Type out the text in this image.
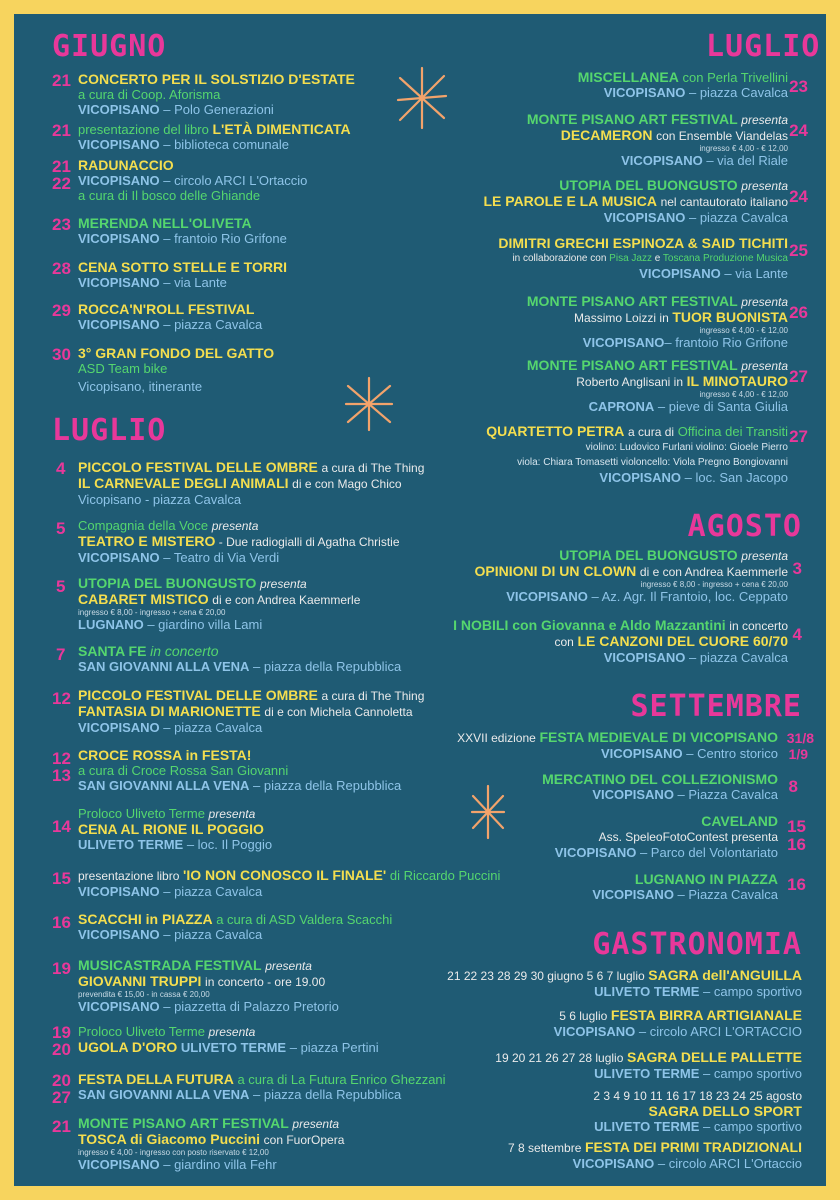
GIUGNO
21 CONCERTO PER IL SOLSTIZIO D'ESTATE
a cura di Coop. Aforisma
VICOPISANO – Polo Generazioni
21 presentazione del libro L'ETÀ DIMENTICATA
VICOPISANO – biblioteca comunale
21
22
RADUNACCIO
VICOPISANO – circolo ARCI L'Ortaccio
a cura di Il bosco delle Ghiande
23 MERENDA NELL'OLIVETA
VICOPISANO – frantoio Rio Grifone
28 CENA SOTTO STELLE E TORRI
VICOPISANO – via Lante
29 ROCCA'N'ROLL FESTIVAL
VICOPISANO – piazza Cavalca
30 3° GRAN FONDO DEL GATTO
ASD Team bike
Vicopisano, itinerante
LUGLIO
4 PICCOLO FESTIVAL DELLE OMBRE a cura di The Thing
IL CARNEVALE DEGLI ANIMALI di e con Mago Chico
Vicopisano - piazza Cavalca
5 Compagnia della Voce presenta
TEATRO E MISTERO - Due radiogialli di Agatha Christie
VICOPISANO – Teatro di Via Verdi
5 UTOPIA DEL BUONGUSTO presenta
CABARET MISTICO di e con Andrea Kaemmerle
ingresso € 8,00 - ingresso + cena € 20,00
LUGNANO – giardino villa Lami
7 SANTA FE in concerto
SAN GIOVANNI ALLA VENA – piazza della Repubblica
12 PICCOLO FESTIVAL DELLE OMBRE a cura di The Thing
FANTASIA DI MARIONETTE di e con Michela Cannoletta
VICOPISANO – piazza Cavalca
12
13
CROCE ROSSA in FESTA!
a cura di Croce Rossa San Giovanni
SAN GIOVANNI ALLA VENA – piazza della Repubblica
14
Proloco Uliveto Terme presenta
CENA AL RIONE IL POGGIO
ULIVETO TERME – loc. Il Poggio
15 presentazione libro 'IO NON CONOSCO IL FINALE' di Riccardo Puccini
VICOPISANO – piazza Cavalca
16 SCACCHI in PIAZZA a cura di ASD Valdera Scacchi
VICOPISANO – piazza Cavalca
19 MUSICASTRADA FESTIVAL presenta
GIOVANNI TRUPPI in concerto - ore 19.00
prevendita € 15,00 - in cassa € 20,00
VICOPISANO – piazzetta di Palazzo Pretorio
19
20
Proloco Uliveto Terme presenta
UGOLA D'ORO ULIVETO TERME – piazza Pertini
20
27
FESTA DELLA FUTURA a cura di La Futura Enrico Ghezzani
SAN GIOVANNI ALLA VENA – piazza della Repubblica
21 MONTE PISANO ART FESTIVAL presenta
TOSCA di Giacomo Puccini con FuorOpera
ingresso € 4,00 - ingresso con posto riservato € 12,00
VICOPISANO – giardino villa Fehr
LUGLIO
MISCELLANEA con Perla Trivellini
VICOPISANO – piazza Cavalca 23
MONTE PISANO ART FESTIVAL presenta
DECAMERON con Ensemble Viandelas
ingresso € 4,00 - € 12,00
VICOPISANO – via del Riale
24
UTOPIA DEL BUONGUSTO presenta
LE PAROLE E LA MUSICA nel cantautorato italiano
VICOPISANO – piazza Cavalca
24
DIMITRI GRECHI ESPINOZA & SAID TICHITI
in collaborazione con Pisa Jazz e Toscana Produzione Musica
VICOPISANO – via Lante
25
MONTE PISANO ART FESTIVAL presenta
Massimo Loizzi in TUOR BUONISTA
ingresso € 4,00 - € 12,00
VICOPISANO– frantoio Rio Grifone
26
MONTE PISANO ART FESTIVAL presenta
Roberto Anglisani in IL MINOTAURO
ingresso € 4,00 - € 12,00
CAPRONA – pieve di Santa Giulia
27
QUARTETTO PETRA a cura di Officina dei Transiti
violino: Ludovico Furlani violino: Gioele Pierro
viola: Chiara Tomasetti violoncello: Viola Pregno Bongiovanni
VICOPISANO – loc. San Jacopo
27
AGOSTO
UTOPIA DEL BUONGUSTO presenta
OPINIONI DI UN CLOWN di e con Andrea Kaemmerle
ingresso € 8,00 - ingresso + cena € 20,00
VICOPISANO – Az. Agr. Il Frantoio, loc. Ceppato
3
I NOBILI con Giovanna e Aldo Mazzantini in concerto
con LE CANZONI DEL CUORE 60/70
VICOPISANO – piazza Cavalca
4
SETTEMBRE
XXVII edizione FESTA MEDIEVALE DI VICOPISANO
VICOPISANO – Centro storico
31/8
1/9
MERCATINO DEL COLLEZIONISMO
VICOPISANO – Piazza Cavalca 8
CAVELAND
Ass. SpeleoFotoContest presenta
VICOPISANO – Parco del Volontariato
15
16
LUGNANO IN PIAZZA
VICOPISANO – Piazza Cavalca
16
GASTRONOMIA
21 22 23 28 29 30 giugno 5 6 7 luglio SAGRA dell'ANGUILLA
ULIVETO TERME – campo sportivo
5 6 luglio FESTA BIRRA ARTIGIANALE
VICOPISANO – circolo ARCI L'ORTACCIO
19 20 21 26 27 28 luglio SAGRA DELLE PALLETTE
ULIVETO TERME – campo sportivo
2 3 4 9 10 11 16 17 18 23 24 25 agosto
SAGRA DELLO SPORT
ULIVETO TERME – campo sportivo
7 8 settembre FESTA DEI PRIMI TRADIZIONALI
VICOPISANO – circolo ARCI L'Ortaccio
